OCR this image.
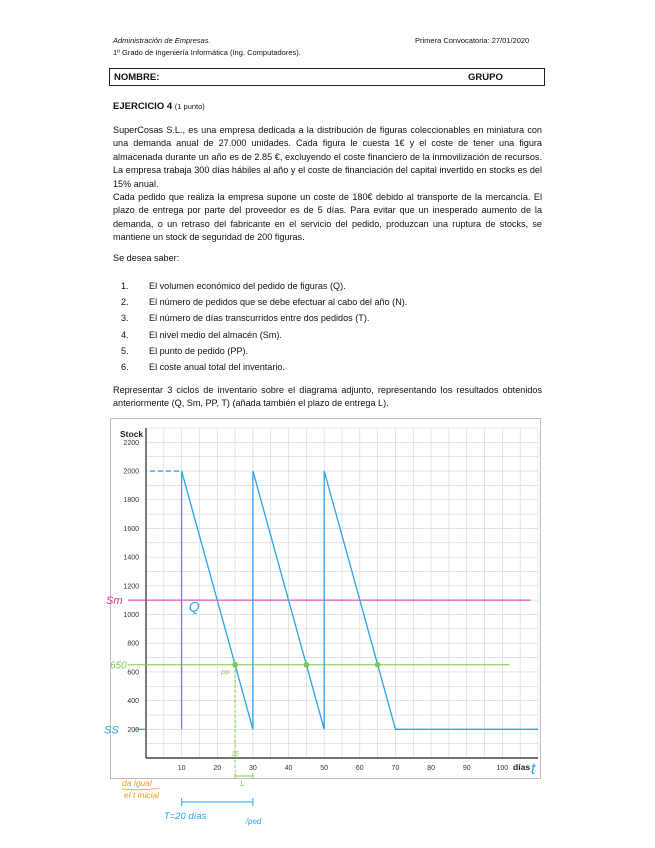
Administración de Empresas.
1º Grado de Ingeniería Informática (Ing. Computadores).
Primera Convocatoria: 27/01/2020
NOMBRE:	GRUPO
EJERCICIO 4 (1 punto)
SuperCosas S.L., es una empresa dedicada a la distribución de figuras coleccionables en miniatura con una demanda anual de 27.000 unidades. Cada figura le cuesta 1€ y el coste de tener una figura almacenada durante un año es de 2.85 €, excluyendo el coste financiero de la inmovilización de recursos. La empresa trabaja 300 días hábiles al año y el coste de financiación del capital invertido en stocks es del 15% anual.
Cada pedido que realiza la empresa supone un coste de 180€ debido al transporte de la mercancía. El plazo de entrega por parte del proveedor es de 5 días. Para evitar que un inesperado aumento de la demanda, o un retraso del fabricante en el servicio del pedido, produzcan una ruptura de stocks, se mantiene un stock de seguridad de 200 figuras.
Se desea saber:
1. El volumen económico del pedido de figuras (Q).
2. El número de pedidos que se debe efectuar al cabo del año (N).
3. El número de días transcurridos entre dos pedidos (T).
4. El nivel medio del almacén (Sm).
5. El punto de pedido (PP).
6. El coste anual total del inventario.
Representar 3 ciclos de inventario sobre el diagrama adjunto, representando los resultados obtenidos anteriormente (Q, Sm, PP, T) (añada también el plazo de entrega L).
200
400
600
800
1000
1200
1400
1600
1800
2000
2200
10	20	30	40	50	60	70	80	90	100
Stock
días
Sm
650
SS
Q
PP
25
t
L
T=20 días	/ped
da igual
el t inicial
